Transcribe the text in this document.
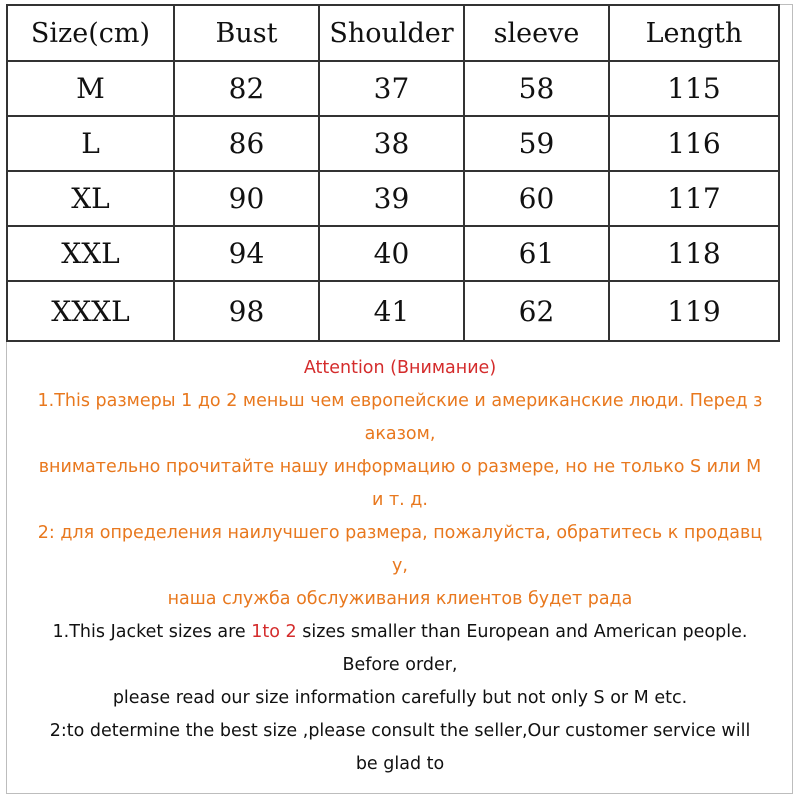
Size(cm)	Bust	Shoulder	sleeve	Length
M	82	37	58	115
L	86	38	59	116
XL	90	39	60	117
XXL	94	40	61	118
XXXL	98	41	62	119
Attention (Внимание)
1.This размеры 1 до 2 меньш чем европейские и американские люди. Перед з
аказом,
внимательно прочитайте нашу информацию о размере, но не только S или M
и т. д.
2: для определения наилучшего размера, пожалуйста, обратитесь к продавц
у,
наша служба обслуживания клиентов будет рада
1.This Jacket sizes are 1to 2 sizes smaller than European and American people.
Before order,
please read our size information carefully but not only S or M etc.
2:to determine the best size ,please consult the seller,Our customer service will
be glad to
